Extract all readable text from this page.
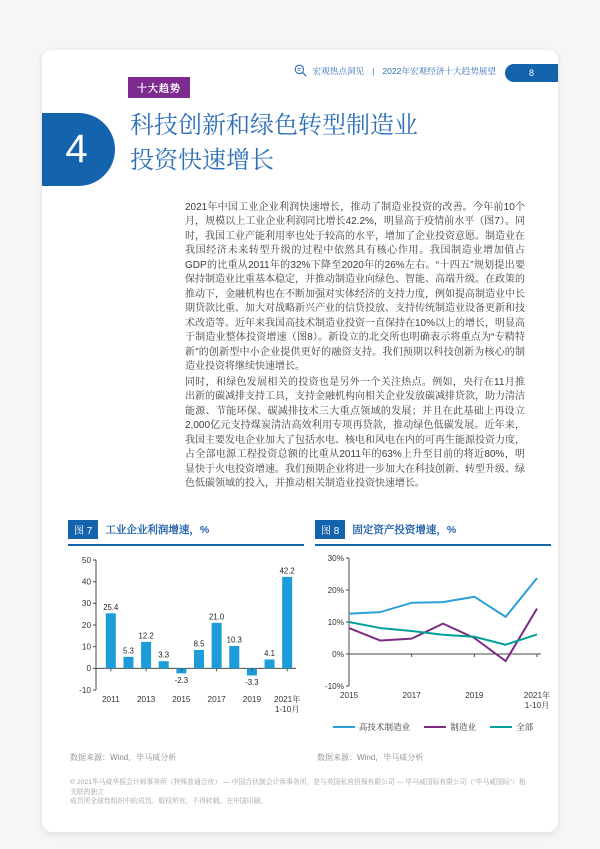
宏观热点洞见 | 2022年宏观经济十大趋势展望	8
十大趋势
4
科技创新和绿色转型制造业
投资快速增长
2021年中国工业企业利润快速增长，推动了制造业投资的改善。今年前10个月，规模以上工业企业利润同比增长42.2%，明显高于疫情前水平（图7）。同时，我国工业产能利用率也处于较高的水平，增加了企业投资意愿。制造业在我国经济未来转型升级的过程中依然具有核心作用。我国制造业增加值占GDP的比重从2011年的32%下降至2020年的26%左右。“十四五”规划提出要保持制造业比重基本稳定，并推动制造业向绿色、智能、高端升级。在政策的推动下，金融机构也在不断加强对实体经济的支持力度，例如提高制造业中长期贷款比重、加大对战略新兴产业的信贷投放、支持传统制造业设备更新和技术改造等。近年来我国高技术制造业投资一直保持在10%以上的增长，明显高于制造业整体投资增速（图8）。新设立的北交所也明确表示将重点为“专精特新”的创新型中小企业提供更好的融资支持。我们预期以科技创新为核心的制造业投资将继续快速增长。
同时，和绿色发展相关的投资也是另外一个关注热点。例如，央行在11月推出新的碳减排支持工具，支持金融机构向相关企业发放碳减排贷款，助力清洁能源、节能环保、碳减排技术三大重点领域的发展；并且在此基础上再设立2,000亿元支持煤炭清洁高效利用专项再贷款，推动绿色低碳发展。近年来，我国主要发电企业加大了包括水电、核电和风电在内的可再生能源投资力度，占全部电源工程投资总额的比重从2011年的63%上升至目前的将近80%，明显快于火电投资增速。我们预期企业将进一步加大在科技创新、转型升级、绿色低碳领域的投入，并推动相关制造业投资快速增长。
图 7	工业企业利润增速，%
-10
0
10
20
30
40
50
25.4
5.3
12.2
3.3
-2.3
8.5
21.0
10.3
-3.3
4.1
42.2
2011 2013 2015 2017 2019 2021年
1-10月
数据来源：Wind，毕马威分析
图 8	固定资产投资增速，%
-10%
0%
10%
20%
30%
2015	2017	2019	2021年
1-10月
高技术制造业	制造业	全部
数据来源：Wind，毕马威分析
© 2021毕马威华振会计师事务所（特殊普通合伙） — 中国合伙制会计师事务所，是与英国私营担保有限公司 — 毕马威国际有限公司（“毕马威国际”）相关联的独立
成员所全球性组织中的成员。版权所有，不得转载。在中国印刷。
